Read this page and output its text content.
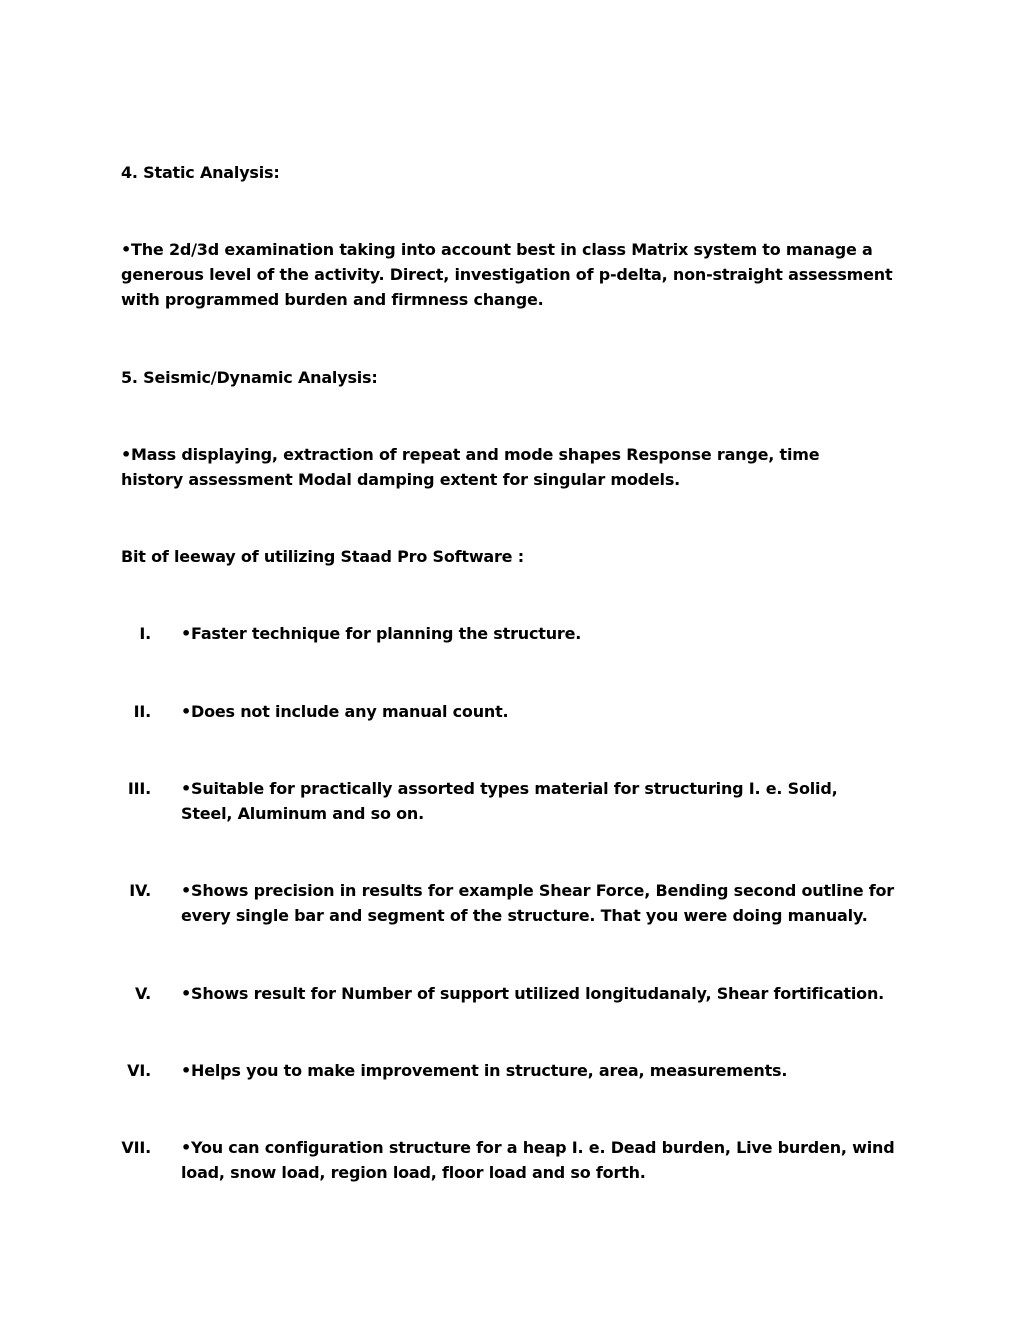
4. Static Analysis:
•The 2d/3d examination taking into account best in class Matrix system to manage a generous level of the activity. Direct, investigation of p-delta, non-straight assessment with programmed burden and firmness change.
5. Seismic/Dynamic Analysis:
•Mass displaying, extraction of repeat and mode shapes Response range, time history assessment Modal damping extent for singular models.
Bit of leeway of utilizing Staad Pro Software :
I. •Faster technique for planning the structure.
II. •Does not include any manual count.
III. •Suitable for practically assorted types material for structuring I. e. Solid, Steel, Aluminum and so on.
IV. •Shows precision in results for example Shear Force, Bending second outline for every single bar and segment of the structure. That you were doing manualy.
V. •Shows result for Number of support utilized longitudanaly, Shear fortification.
VI. •Helps you to make improvement in structure, area, measurements.
VII. •You can configuration structure for a heap I. e. Dead burden, Live burden, wind load, snow load, region load, floor load and so forth.
